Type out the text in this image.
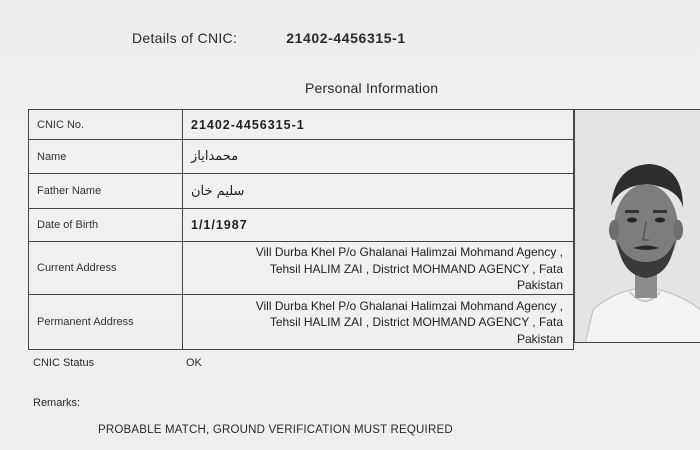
Details of CNIC:	21402-4456315-1
Personal Information
CNIC No.	21402-4456315-1
Name	محمدایاز
Father Name	سلیم خان
Date of Birth	1/1/1987
Current Address	Vill Durba Khel P/o Ghalanai Halimzai Mohmand Agency ,
Tehsil HALIM ZAI , District MOHMAND AGENCY , Fata
Pakistan

Permanent Address	Vill Durba Khel P/o Ghalanai Halimzai Mohmand Agency ,
Tehsil HALIM ZAI , District MOHMAND AGENCY , Fata
Pakistan
CNIC Status	OK
Remarks:
PROBABLE MATCH, GROUND VERIFICATION MUST REQUIRED
